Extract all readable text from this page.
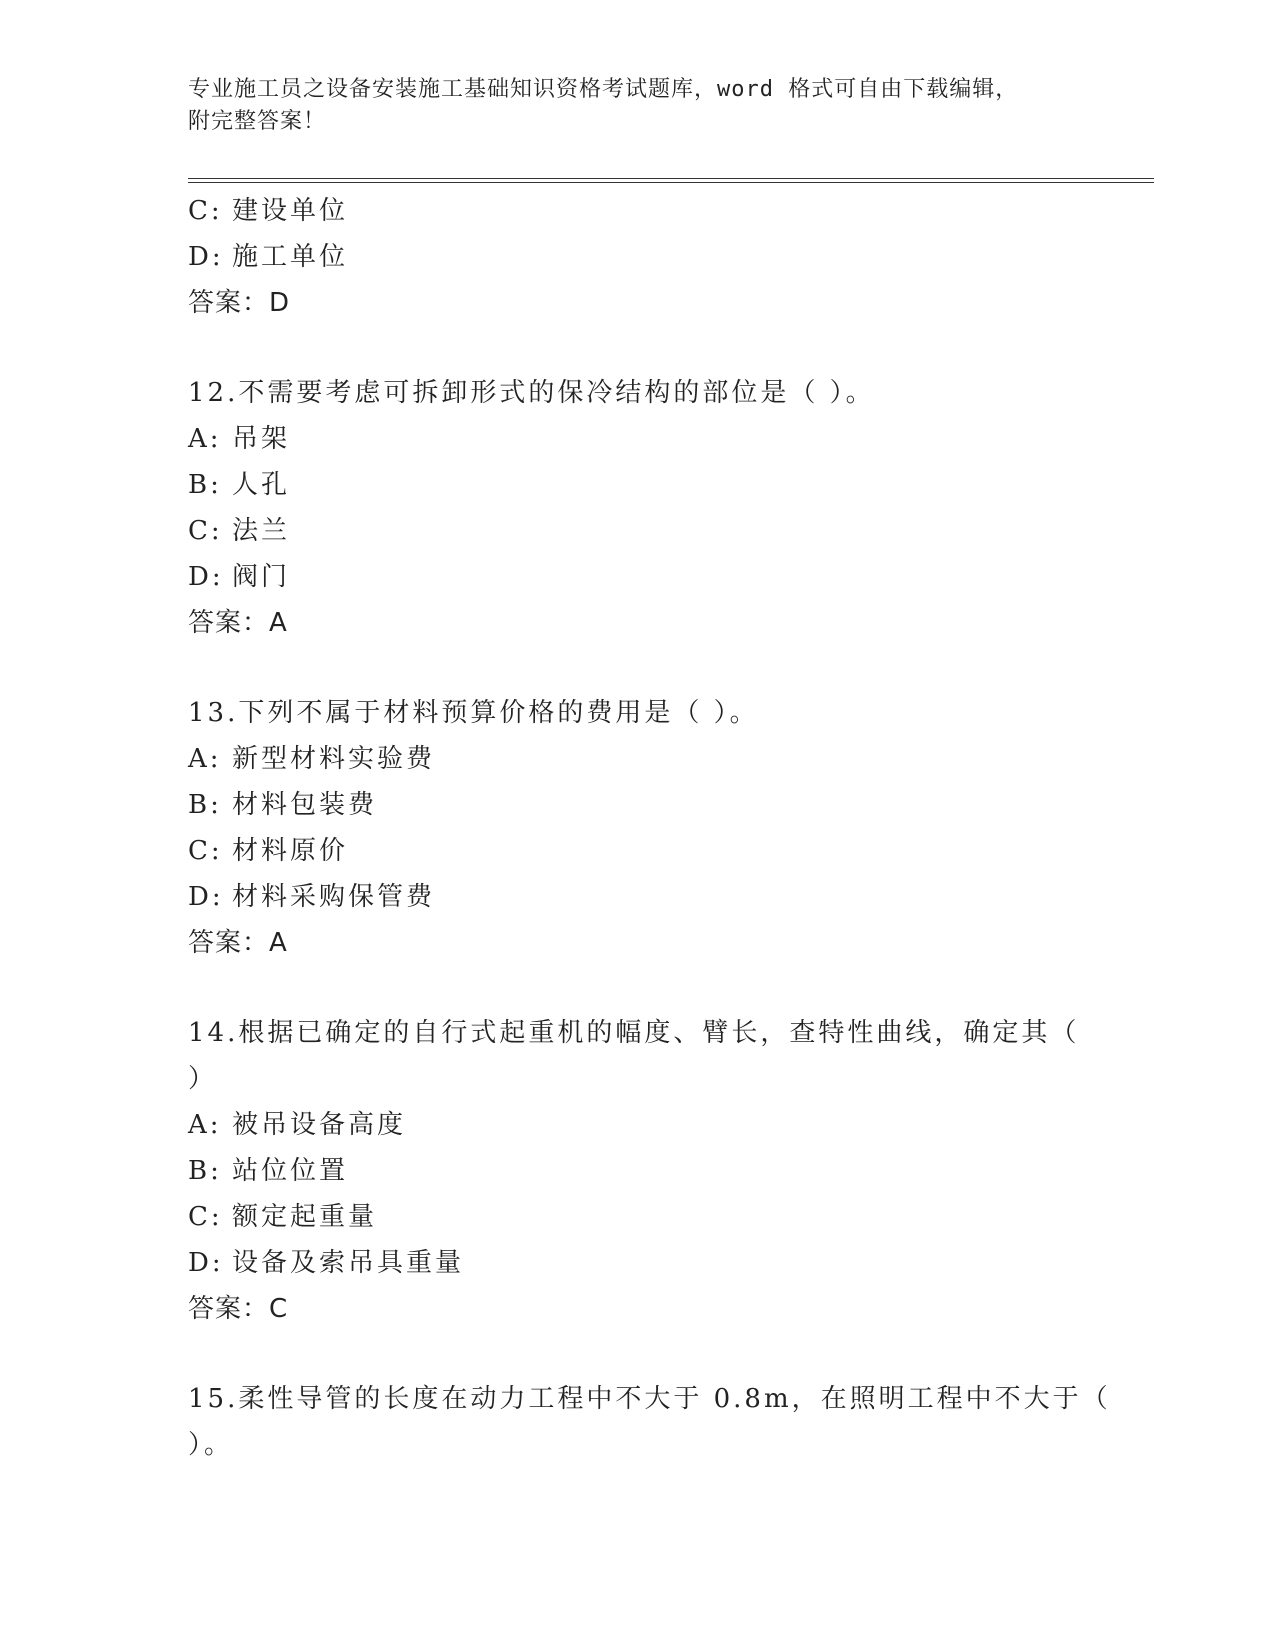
专业施工员之设备安装施工基础知识资格考试题库，word 格式可自由下载编辑，
附完整答案！
C: 建设单位
D: 施工单位
答案：D
12.不需要考虑可拆卸形式的保冷结构的部位是（ ）。
A: 吊架
B: 人孔
C: 法兰
D: 阀门
答案：A
13.下列不属于材料预算价格的费用是（ ）。
A: 新型材料实验费
B: 材料包装费
C: 材料原价
D: 材料采购保管费
答案：A
14.根据已确定的自行式起重机的幅度、臂长，查特性曲线，确定其（
）
A: 被吊设备高度
B: 站位位置
C: 额定起重量
D: 设备及索吊具重量
答案：C
15.柔性导管的长度在动力工程中不大于 0.8m，在照明工程中不大于（
）。
